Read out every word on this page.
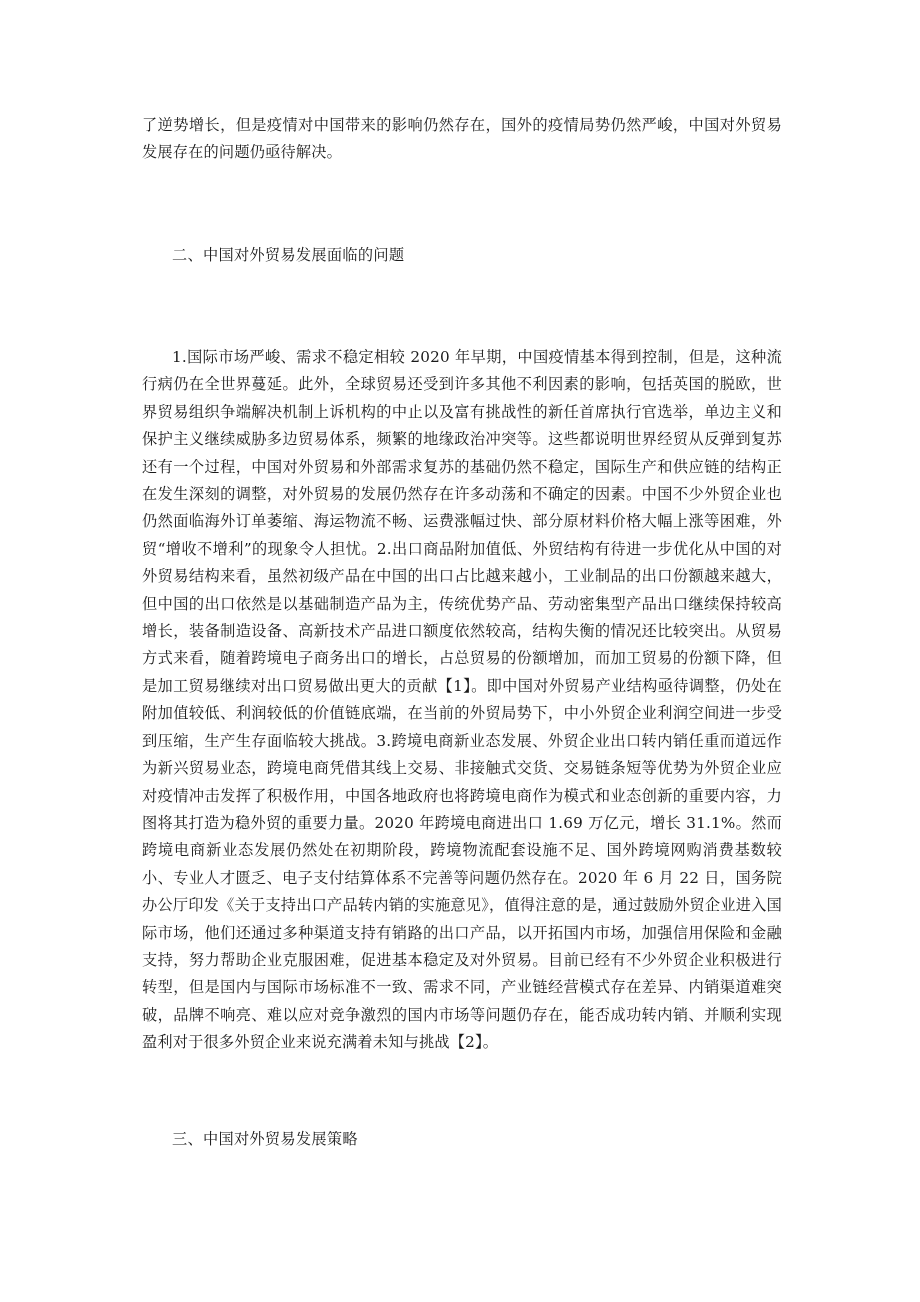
了逆势增长，但是疫情对中国带来的影响仍然存在，国外的疫情局势仍然严峻，中国对外贸易发展存在的问题仍亟待解决。

二、中国对外贸易发展面临的问题

1.国际市场严峻、需求不稳定相较 2020 年早期，中国疫情基本得到控制，但是，这种流行病仍在全世界蔓延。此外，全球贸易还受到许多其他不利因素的影响，包括英国的脱欧，世界贸易组织争端解决机制上诉机构的中止以及富有挑战性的新任首席执行官选举，单边主义和保护主义继续威胁多边贸易体系，频繁的地缘政治冲突等。这些都说明世界经贸从反弹到复苏还有一个过程，中国对外贸易和外部需求复苏的基础仍然不稳定，国际生产和供应链的结构正在发生深刻的调整，对外贸易的发展仍然存在许多动荡和不确定的因素。中国不少外贸企业也仍然面临海外订单萎缩、海运物流不畅、运费涨幅过快、部分原材料价格大幅上涨等困难，外贸“增收不增利”的现象令人担忧。2.出口商品附加值低、外贸结构有待进一步优化从中国的对外贸易结构来看，虽然初级产品在中国的出口占比越来越小，工业制品的出口份额越来越大，但中国的出口依然是以基础制造产品为主，传统优势产品、劳动密集型产品出口继续保持较高增长，装备制造设备、高新技术产品进口额度依然较高，结构失衡的情况还比较突出。从贸易方式来看，随着跨境电子商务出口的增长，占总贸易的份额增加，而加工贸易的份额下降，但是加工贸易继续对出口贸易做出更大的贡献【1】。即中国对外贸易产业结构亟待调整，仍处在附加值较低、利润较低的价值链底端，在当前的外贸局势下，中小外贸企业利润空间进一步受到压缩，生产生存面临较大挑战。3.跨境电商新业态发展、外贸企业出口转内销任重而道远作为新兴贸易业态，跨境电商凭借其线上交易、非接触式交货、交易链条短等优势为外贸企业应对疫情冲击发挥了积极作用，中国各地政府也将跨境电商作为模式和业态创新的重要内容，力图将其打造为稳外贸的重要力量。2020 年跨境电商进出口 1.69 万亿元，增长 31.1%。然而跨境电商新业态发展仍然处在初期阶段，跨境物流配套设施不足、国外跨境网购消费基数较小、专业人才匮乏、电子支付结算体系不完善等问题仍然存在。2020 年 6 月 22 日，国务院办公厅印发《关于支持出口产品转内销的实施意见》，值得注意的是，通过鼓励外贸企业进入国际市场，他们还通过多种渠道支持有销路的出口产品，以开拓国内市场，加强信用保险和金融支持，努力帮助企业克服困难，促进基本稳定及对外贸易。目前已经有不少外贸企业积极进行转型，但是国内与国际市场标准不一致、需求不同，产业链经营模式存在差异、内销渠道难突破，品牌不响亮、难以应对竞争激烈的国内市场等问题仍存在，能否成功转内销、并顺利实现盈利对于很多外贸企业来说充满着未知与挑战【2】。

三、中国对外贸易发展策略
